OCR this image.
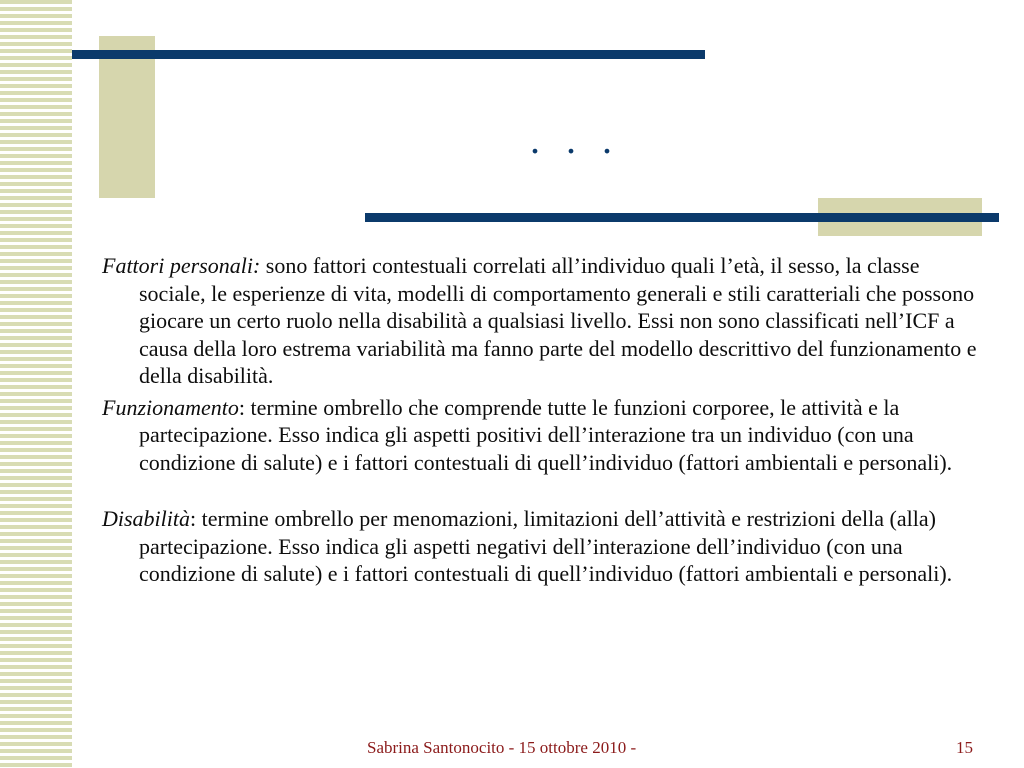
. . .

Fattori personali: sono fattori contestuali correlati all’individuo quali l’età, il sesso, la classe sociale, le esperienze di vita, modelli di comportamento generali e stili caratteriali che possono giocare un certo ruolo nella disabilità a qualsiasi livello. Essi non sono classificati nell’ICF a causa della loro estrema variabilità ma fanno parte del modello descrittivo del funzionamento e della disabilità.

Funzionamento: termine ombrello che comprende tutte le funzioni corporee, le attività e la partecipazione. Esso indica gli aspetti positivi dell’interazione tra un individuo (con una condizione di salute) e i fattori contestuali di quell’individuo (fattori ambientali e personali).

Disabilità: termine ombrello per menomazioni, limitazioni dell’attività e restrizioni della (alla) partecipazione. Esso indica gli aspetti negativi dell’interazione dell’individuo (con una condizione di salute) e i fattori contestuali di quell’individuo (fattori ambientali e personali).

Sabrina Santonocito - 15 ottobre 2010 -	15
